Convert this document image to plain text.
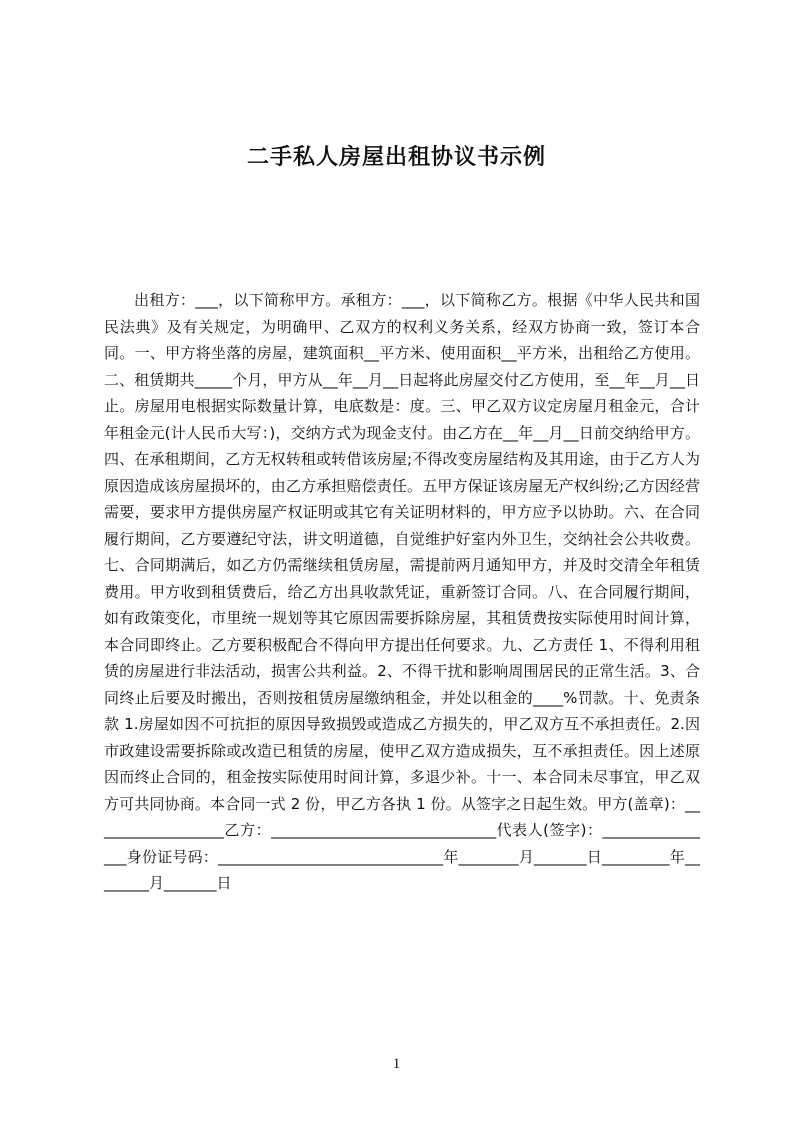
二手私人房屋出租协议书示例

出租方：___，以下简称甲方。承租方：___，以下简称乙方。根据《中华人民共和国民法典》及有关规定，为明确甲、乙双方的权利义务关系，经双方协商一致，签订本合同。一、甲方将坐落的房屋，建筑面积__平方米、使用面积__平方米，出租给乙方使用。二、租赁期共_____个月，甲方从__年__月__日起将此房屋交付乙方使用，至__年__月__日止。房屋用电根据实际数量计算，电底数是：度。三、甲乙双方议定房屋月租金元，合计年租金元(计人民币大写：)，交纳方式为现金支付。由乙方在__年__月__日前交纳给甲方。四、在承租期间，乙方无权转租或转借该房屋;不得改变房屋结构及其用途，由于乙方人为原因造成该房屋损坏的，由乙方承担赔偿责任。五甲方保证该房屋无产权纠纷;乙方因经营需要，要求甲方提供房屋产权证明或其它有关证明材料的，甲方应予以协助。六、在合同履行期间，乙方要遵纪守法，讲文明道德，自觉维护好室内外卫生，交纳社会公共收费。七、合同期满后，如乙方仍需继续租赁房屋，需提前两月通知甲方，并及时交清全年租赁费用。甲方收到租赁费后，给乙方出具收款凭证，重新签订合同。八、在合同履行期间，如有政策变化，市里统一规划等其它原因需要拆除房屋，其租赁费按实际使用时间计算，本合同即终止。乙方要积极配合不得向甲方提出任何要求。九、乙方责任 1、不得利用租赁的房屋进行非法活动，损害公共利益。2、不得干扰和影响周围居民的正常生活。3、合同终止后要及时搬出，否则按租赁房屋缴纳租金，并处以租金的____%罚款。十、免责条款 1.房屋如因不可抗拒的原因导致损毁或造成乙方损失的，甲乙双方互不承担责任。2.因市政建设需要拆除或改造已租赁的房屋，使甲乙双方造成损失，互不承担责任。因上述原因而终止合同的，租金按实际使用时间计算，多退少补。十一、本合同未尽事宜，甲乙双方可共同协商。本合同一式 2 份，甲乙方各执 1 份。从签字之日起生效。甲方(盖章)：__________________乙方：______________________________代表人(签字)：________________身份证号码：______________________________年________月_______日_________年________月_______日

1
